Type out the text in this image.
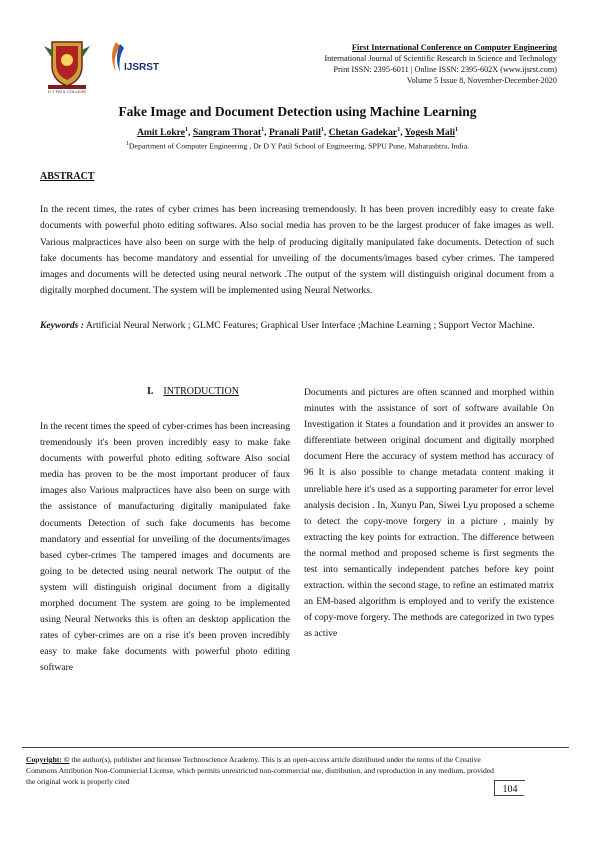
D Y PATIL COLLEGE
IJSRST
First International Conference on Computer Engineering
International Journal of Scientific Research in Science and Technology
Print ISSN: 2395-6011 | Online ISSN: 2395-602X (www.ijsrst.com)
Volume 5 Issue 8, November-December-2020
Fake Image and Document Detection using Machine Learning
Amit Lokre$^1$, Sangram Thorat$^1$, Pranali Patil$^1$, Chetan Gadekar$^1$, Yogesh Mali$^1$
$^1$Department of Computer Engineering , Dr D Y Patil School of Engineering, SPPU Pune, Maharashtra, India.
ABSTRACT
In the recent times, the rates of cyber crimes has been increasing tremendously. It has been proven incredibly easy to create fake documents with powerful photo editing softwares. Also social media has proven to be the largest producer of fake images as well. Various malpractices have also been on surge with the help of producing digitally manipulated fake documents. Detection of such fake documents has become mandatory and essential for unveiling of the documents/images based cyber crimes. The tampered images and documents will be detected using neural network .The output of the system will distinguish original document from a digitally morphed document. The system will be implemented using Neural Networks.
Keywords : Artificial Neural Network ; GLMC Features; Graphical User Interface ;Machine Learning ; Support Vector Machine.
I. INTRODUCTION
In the recent times the speed of cyber-crimes has been increasing tremendously it's been proven incredibly easy to make fake documents with powerful photo editing software Also social media has proven to be the most important producer of faux images also Various malpractices have also been on surge with the assistance of manufacturing digitally manipulated fake documents Detection of such fake documents has become mandatory and essential for unveiling of the documents/images based cyber-crimes The tampered images and documents are going to be detected using neural network The output of the system will distinguish original document from a digitally morphed document The system are going to be implemented using Neural Networks this is often an desktop application the rates of cyber-crimes are on a rise it's been proven incredibly easy to make fake documents with powerful photo editing software
Documents and pictures are often scanned and morphed within minutes with the assistance of sort of software available On Investigation it States a foundation and it provides an answer to differentiate between original document and digitally morphed document Here the accuracy of system method has accuracy of 96 It is also possible to change metadata content making it unreliable here it's used as a supporting parameter for error level analysis decision . In, Xunyu Pan, Siwei Lyu proposed a scheme to detect the copy-move forgery in a picture , mainly by extracting the key points for extraction. The difference between the normal method and proposed scheme is first segments the test into semantically independent patches before key point extraction. within the second stage, to refine an estimated matrix an EM-based algorithm is employed and to verify the existence of copy-move forgery. The methods are categorized in two types as active
Copyright: © the author(s), publisher and licensee Technoscience Academy. This is an open-access article distributed under the terms of the Creative Commons Attribution Non-Commercial License, which permits unrestricted non-commercial use, distribution, and reproduction in any medium, provided the original work is properly cited
104
